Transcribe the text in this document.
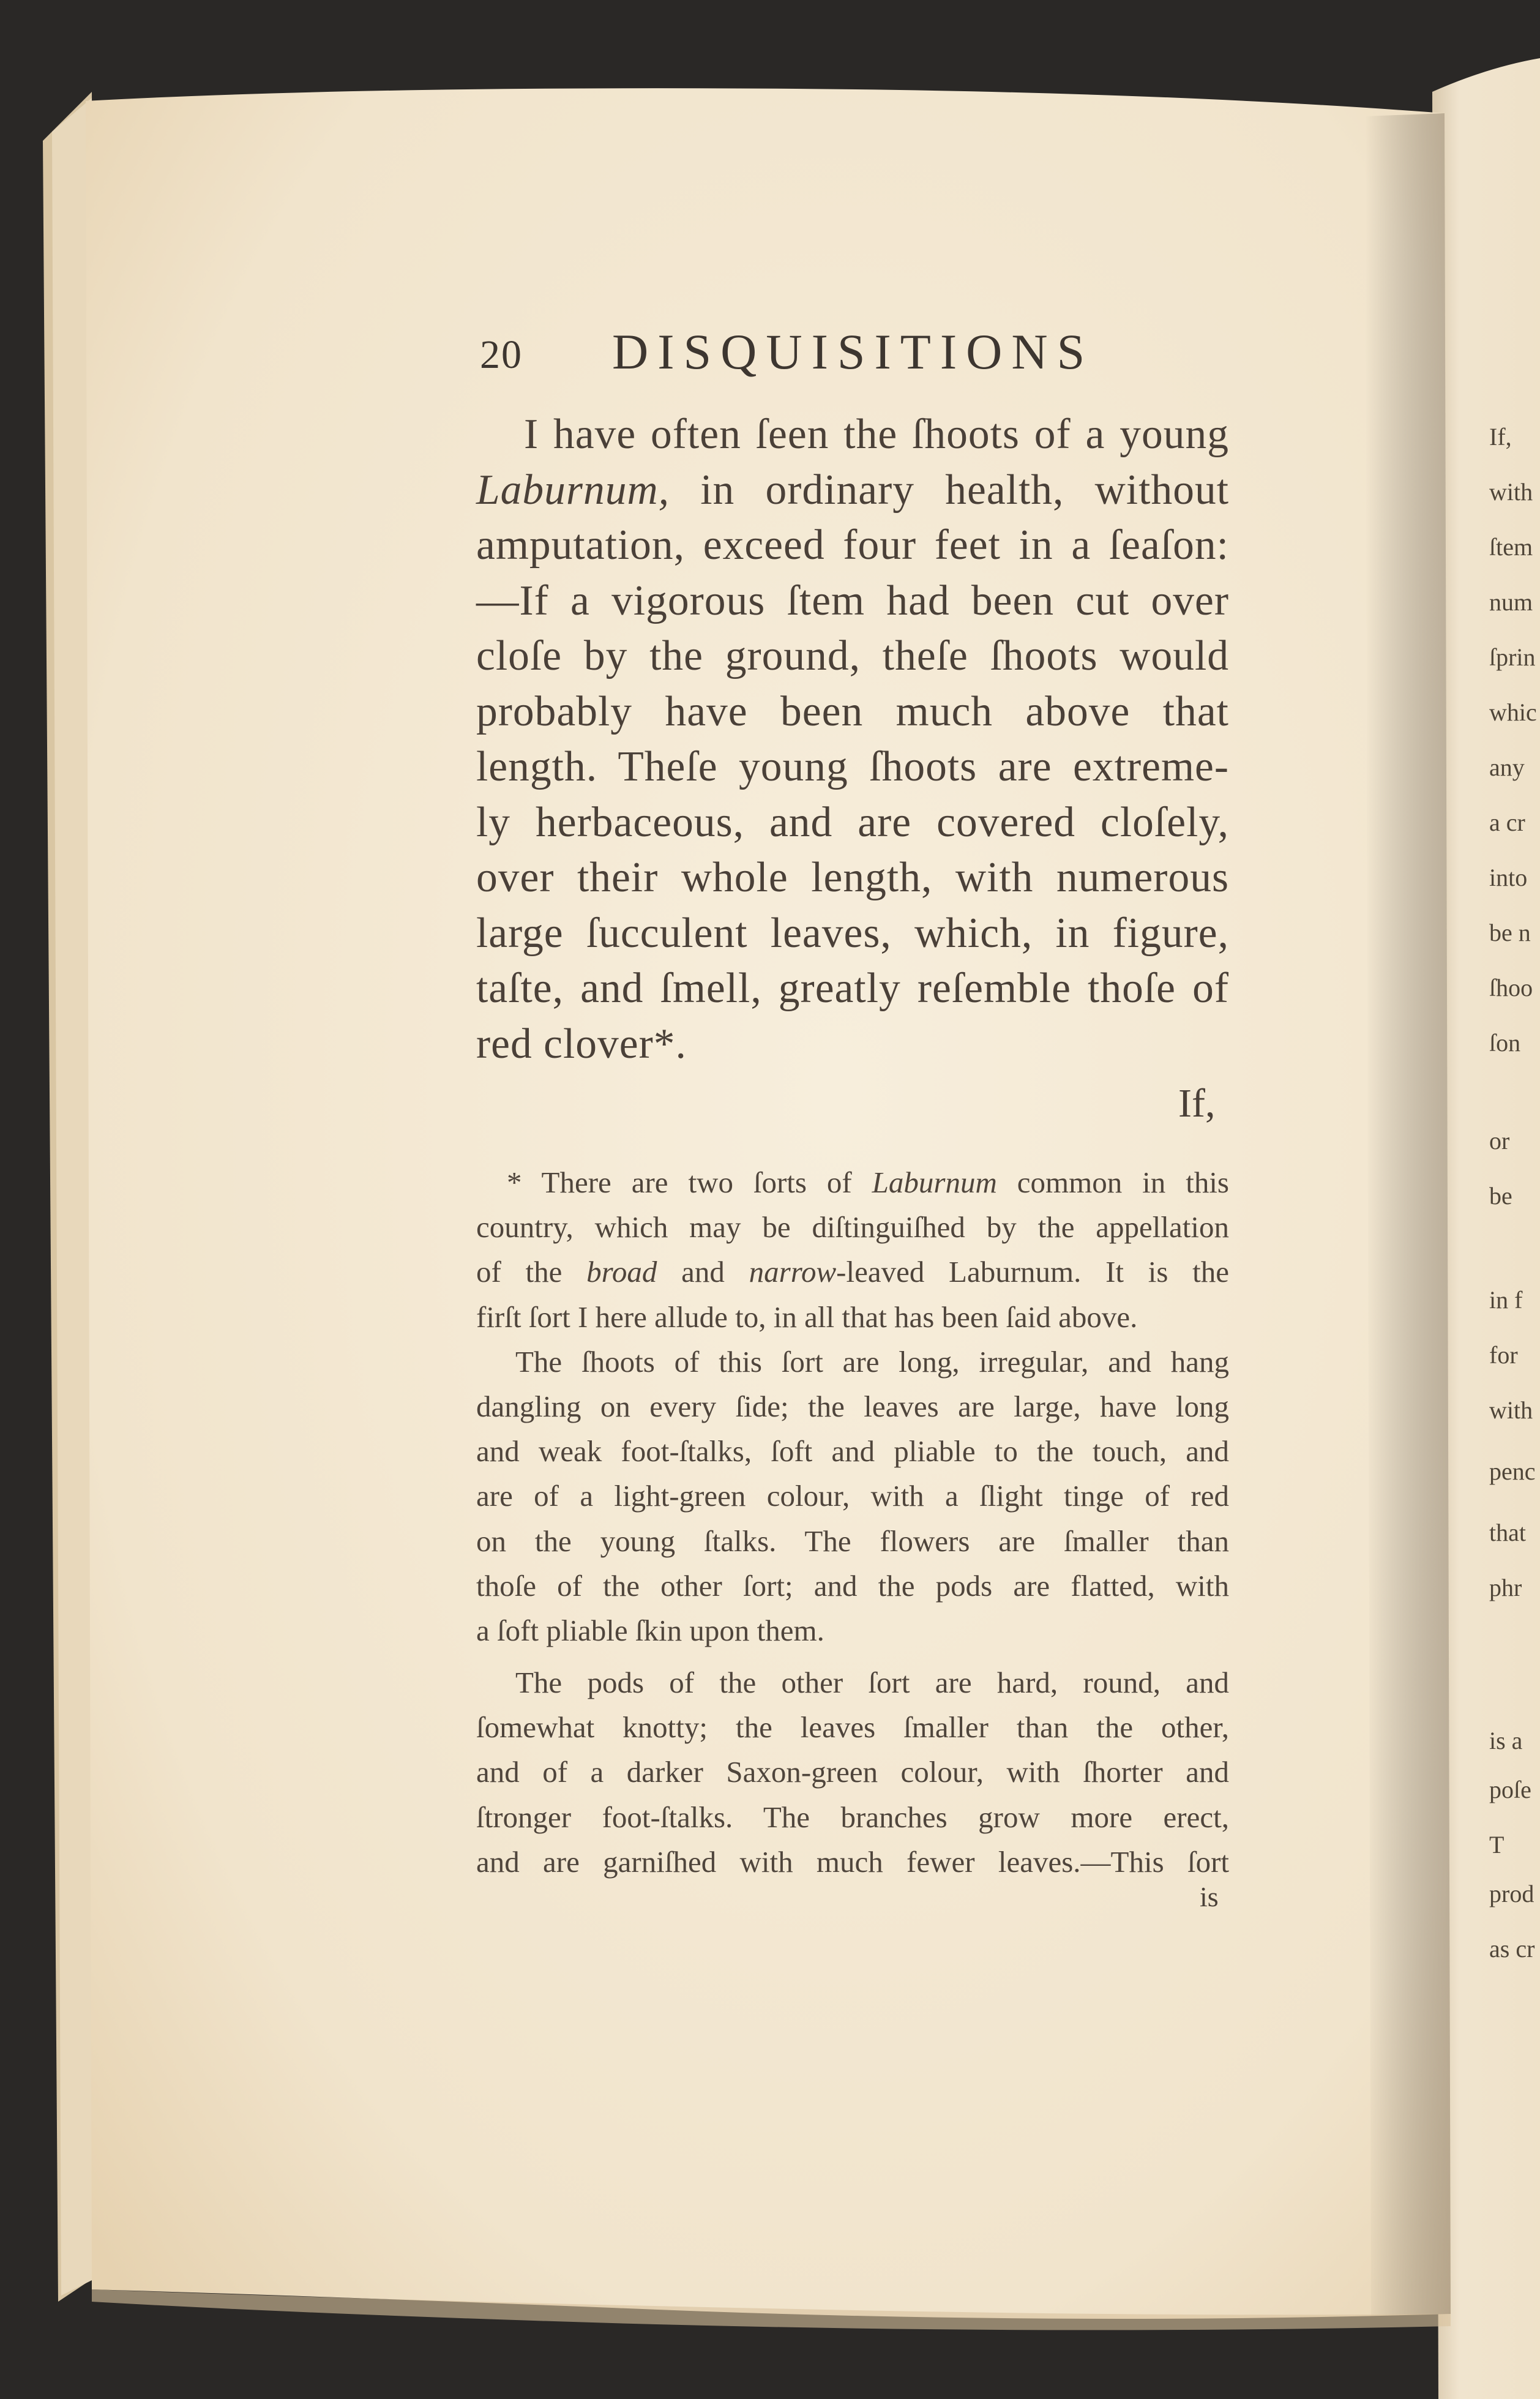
20 DISQUISITIONS
I have often ſeen the ſhoots of a young
Laburnum, in ordinary health, without
amputation, exceed four feet in a ſeaſon:
—If a vigorous ſtem had been cut over
cloſe by the ground, theſe ſhoots would
probably have been much above that
length. Theſe young ſhoots are extreme-
ly herbaceous, and are covered cloſely,
over their whole length, with numerous
large ſucculent leaves, which, in figure,
taſte, and ſmell, greatly reſemble thoſe of
red clover*.
If,
* There are two ſorts of Laburnum common in this
country, which may be diſtinguiſhed by the appellation
of the broad and narrow-leaved Laburnum. It is the
firſt ſort I here allude to, in all that has been ſaid above.
The ſhoots of this ſort are long, irregular, and hang
dangling on every ſide; the leaves are large, have long
and weak foot-ſtalks, ſoft and pliable to the touch, and
are of a light-green colour, with a ſlight tinge of red
on the young ſtalks. The flowers are ſmaller than
thoſe of the other ſort; and the pods are flatted, with
a ſoft pliable ſkin upon them.
The pods of the other ſort are hard, round, and
ſomewhat knotty; the leaves ſmaller than the other,
and of a darker Saxon-green colour, with ſhorter and
ſtronger foot-ſtalks. The branches grow more erect,
and are garniſhed with much fewer leaves.—This ſort
is
If,
with
ſtem
num
ſprin
whic
any
a cr
into
be n
ſhoo
ſon
or
be
in f
for
with
penc
that
phr
is a
poſe
T
prod
as cr
